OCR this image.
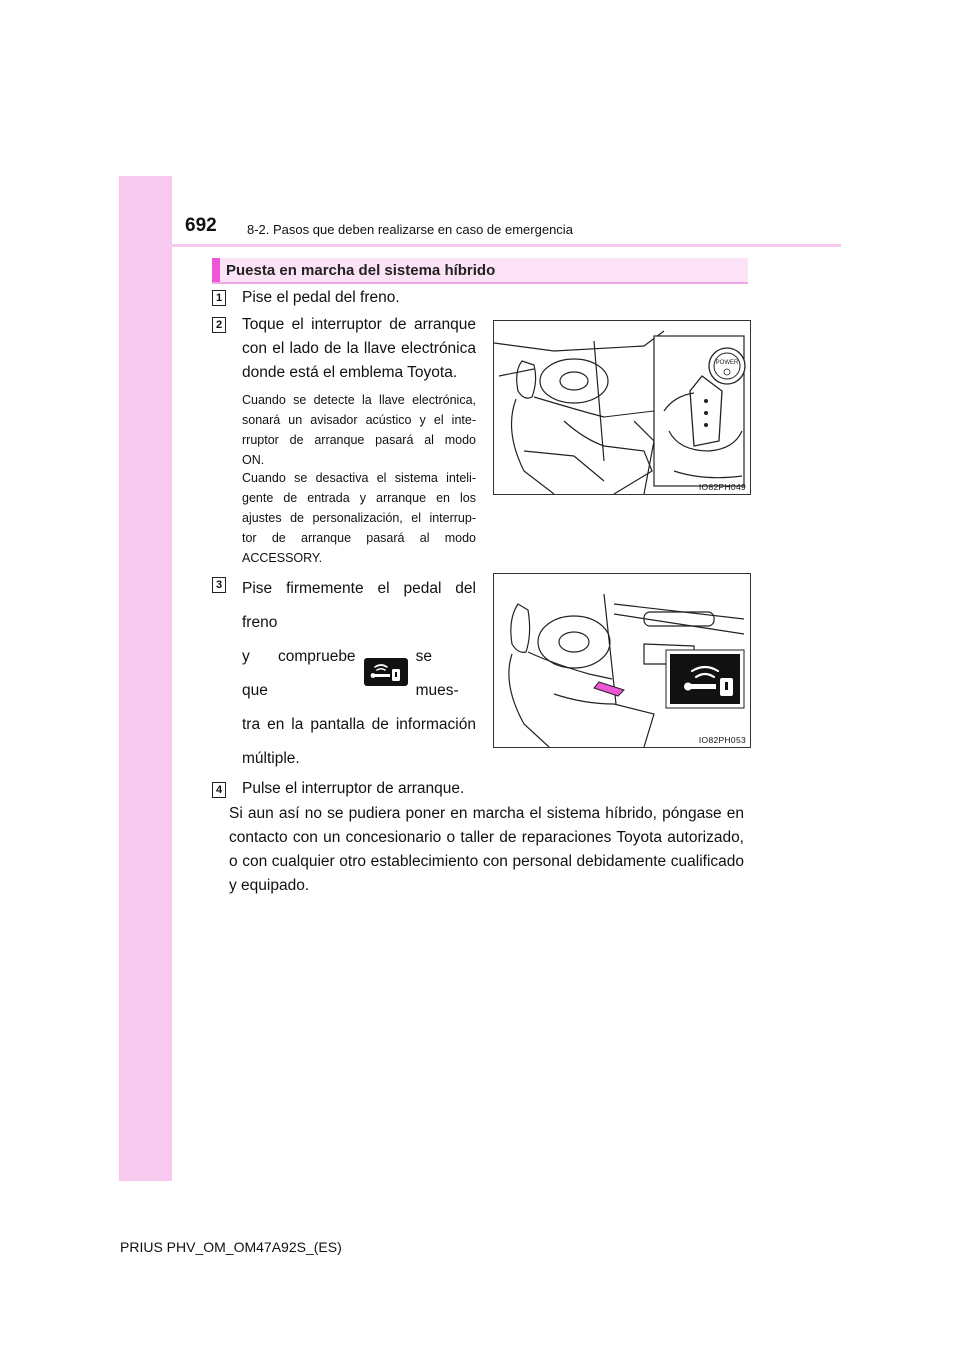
692 8-2. Pasos que deben realizarse en caso de emergencia
Puesta en marcha del sistema híbrido
1 Pise el pedal del freno.
2 Toque el interruptor de arranque
con el lado de la llave electrónica
donde está el emblema Toyota.
Cuando se detecte la llave electrónica,
sonará un avisador acústico y el inte-
rruptor de arranque pasará al modo
ON.
Cuando se desactiva el sistema inteli-
gente de entrada y arranque en los
ajustes de personalización, el interrup-
tor de arranque pasará al modo
ACCESSORY.
POWER
IO82PH049
3 Pise firmemente el pedal del freno
y compruebe que
se mues-
tra en la pantalla de información
múltiple.
IO82PH053
4 Pulse el interruptor de arranque.
Si aun así no se pudiera poner en marcha el sistema híbrido, póngase en contacto con un concesionario o taller de reparaciones Toyota autorizado, o con cualquier otro establecimiento con personal debidamente cualificado y equipado.
PRIUS PHV_OM_OM47A92S_(ES)
